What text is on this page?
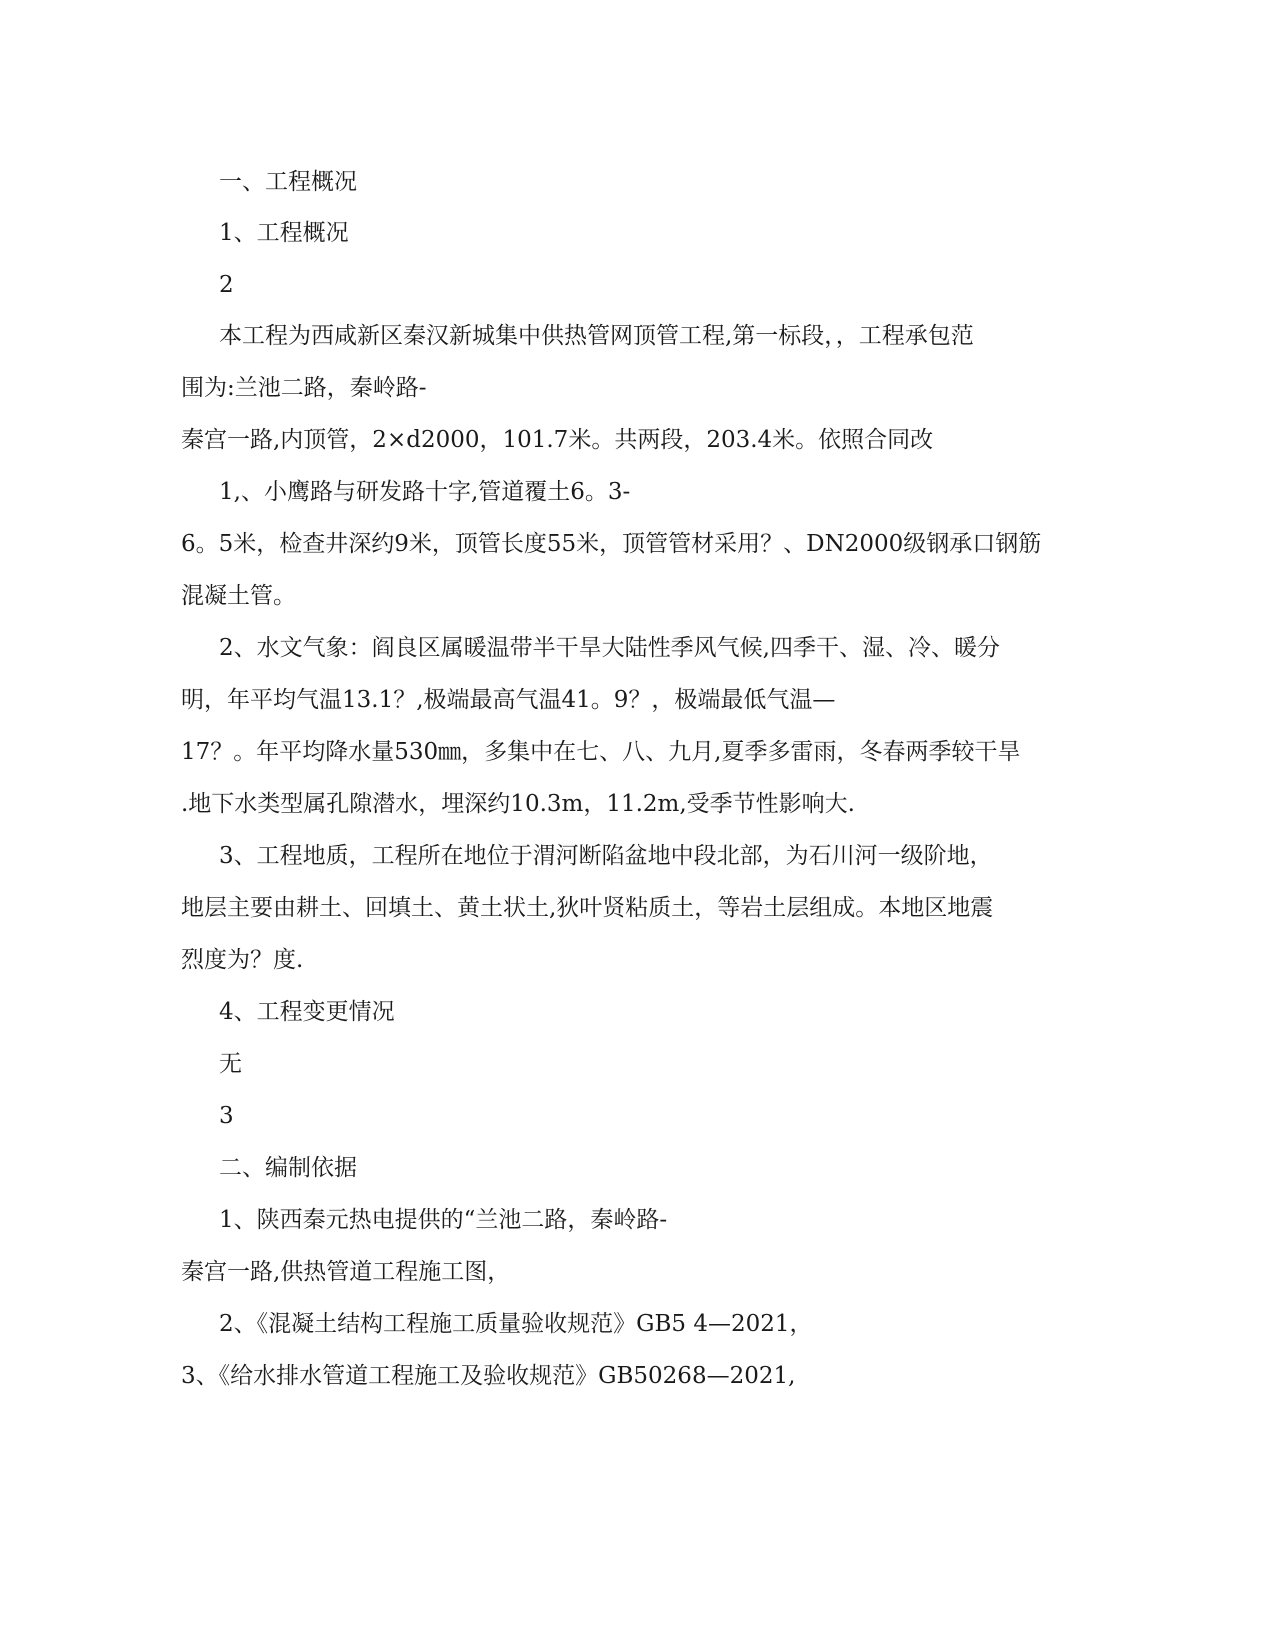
一、工程概况
1、工程概况
2
本工程为西咸新区秦汉新城集中供热管网顶管工程,第一标段，，工程承包范
围为:兰池二路，秦岭路-
秦宫一路,内顶管，2×d2000，101.7米。共两段，203.4米。依照合同改
1,、小鹰路与研发路十字,管道覆土6。3-
6。5米，检查井深约9米，顶管长度55米，顶管管材采用？、DN2000级钢承口钢筋
混凝土管。
2、水文气象：阎良区属暖温带半干旱大陆性季风气候,四季干、湿、冷、暖分
明，年平均气温13.1？,极端最高气温41。9？，极端最低气温—
17？。年平均降水量530㎜，多集中在七、八、九月,夏季多雷雨，冬春两季较干旱
.地下水类型属孔隙潜水，埋深约10.3m，11.2m,受季节性影响大.
3、工程地质，工程所在地位于渭河断陷盆地中段北部，为石川河一级阶地，
地层主要由耕土、回填土、黄土状土,狄叶贤粘质土，等岩土层组成。本地区地震
烈度为？度.
4、工程变更情况
无
3
二、编制依据
1、陕西秦元热电提供的“兰池二路，秦岭路-
秦宫一路,供热管道工程施工图，
2、《混凝土结构工程施工质量验收规范》GB5 4—2021，
3、《给水排水管道工程施工及验收规范》GB50268—2021,
